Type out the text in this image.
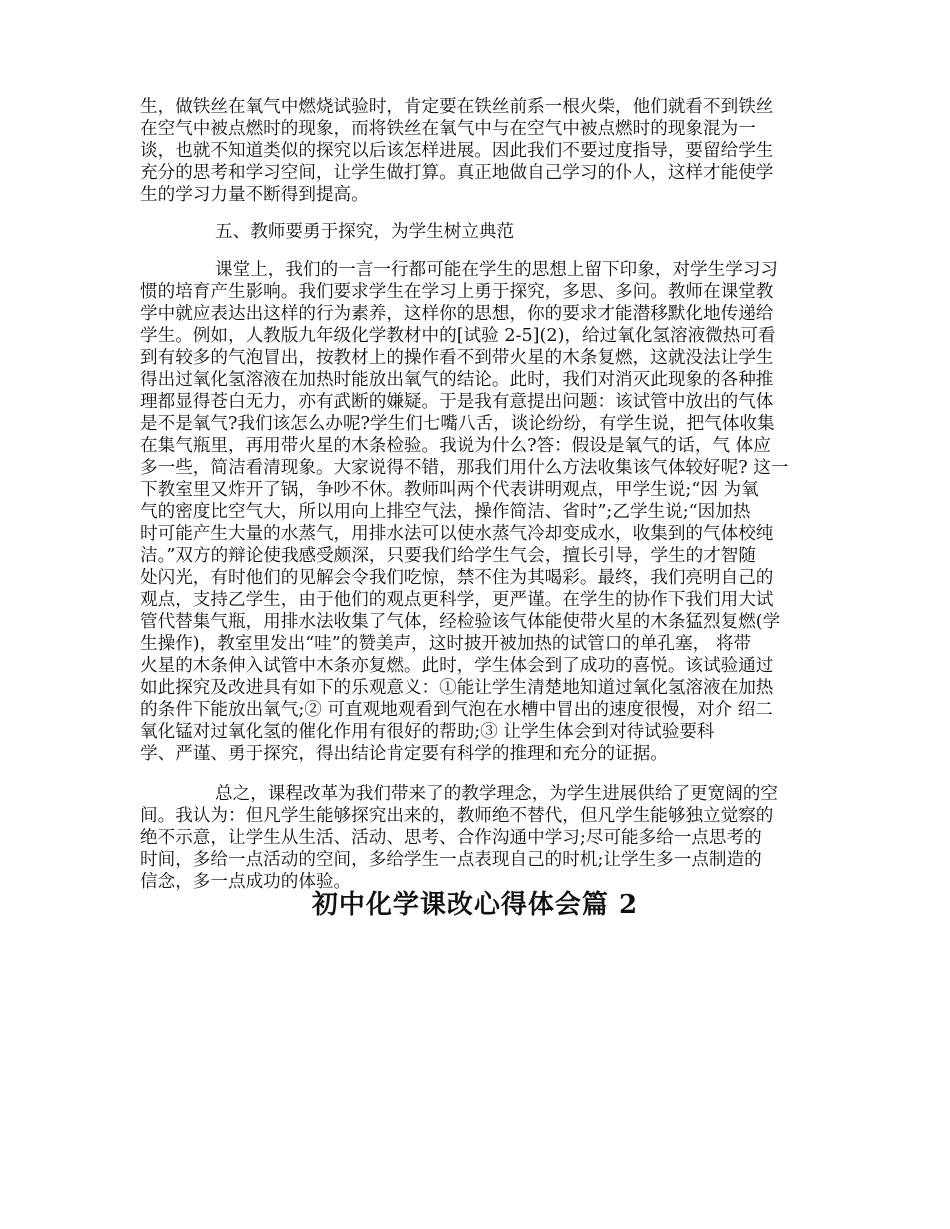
生，做铁丝在氧气中燃烧试验时，肯定要在铁丝前系一根火柴，他们就看不到铁丝
在空气中被点燃时的现象，而将铁丝在氧气中与在空气中被点燃时的现象混为一
谈，也就不知道类似的探究以后该怎样进展。因此我们不要过度指导，要留给学生
充分的思考和学习空间，让学生做打算。真正地做自己学习的仆人，这样才能使学
生的学习力量不断得到提高。
五、教师要勇于探究，为学生树立典范
课堂上，我们的一言一行都可能在学生的思想上留下印象，对学生学习习
惯的培育产生影响。我们要求学生在学习上勇于探究，多思、多问。教师在课堂教
学中就应表达出这样的行为素养，这样你的思想，你的要求才能潜移默化地传递给
学生。例如，人教版九年级化学教材中的[试验 2-5](2)，给过氧化氢溶液微热可看
到有较多的气泡冒出，按教材上的操作看不到带火星的木条复燃，这就没法让学生
得出过氧化氢溶液在加热时能放出氧气的结论。此时，我们对消灭此现象的各种推
理都显得苍白无力，亦有武断的嫌疑。于是我有意提出问题：该试管中放出的气体
是不是氧气?我们该怎么办呢?学生们七嘴八舌，谈论纷纷，有学生说，把气体收集
在集气瓶里，再用带火星的木条检验。我说为什么?答：假设是氧气的话，气 体应
多一些，简洁看清现象。大家说得不错，那我们用什么方法收集该气体较好呢? 这一
下教室里又炸开了锅，争吵不休。教师叫两个代表讲明观点，甲学生说;“因 为氧
气的密度比空气大，所以用向上排空气法，操作简洁、省时”;乙学生说;“因加热
时可能产生大量的水蒸气，用排水法可以使水蒸气冷却变成水，收集到的气体校纯
洁。”双方的辩论使我感受颇深，只要我们给学生气会，擅长引导，学生的才智随
处闪光，有时他们的见解会令我们吃惊，禁不住为其喝彩。最终，我们亮明自己的
观点，支持乙学生，由于他们的观点更科学，更严谨。在学生的协作下我们用大试
管代替集气瓶，用排水法收集了气体，经检验该气体能使带火星的木条猛烈复燃(学
生操作)，教室里发出“哇”的赞美声，这时披开被加热的试管口的单孔塞， 将带
火星的木条伸入试管中木条亦复燃。此时，学生体会到了成功的喜悦。该试验通过
如此探究及改进具有如下的乐观意义：①能让学生清楚地知道过氧化氢溶液在加热
的条件下能放出氧气;② 可直观地观看到气泡在水槽中冒出的速度很慢，对介 绍二
氧化锰对过氧化氢的催化作用有很好的帮助;③ 让学生体会到对待试验要科
学、严谨、勇于探究，得出结论肯定要有科学的推理和充分的证据。
总之，课程改革为我们带来了的教学理念，为学生进展供给了更宽阔的空
间。我认为：但凡学生能够探究出来的，教师绝不替代，但凡学生能够独立觉察的
绝不示意，让学生从生活、活动、思考、合作沟通中学习;尽可能多给一点思考的
时间，多给一点活动的空间，多给学生一点表现自己的时机;让学生多一点制造的
信念，多一点成功的体验。
初中化学课改心得体会篇 2
